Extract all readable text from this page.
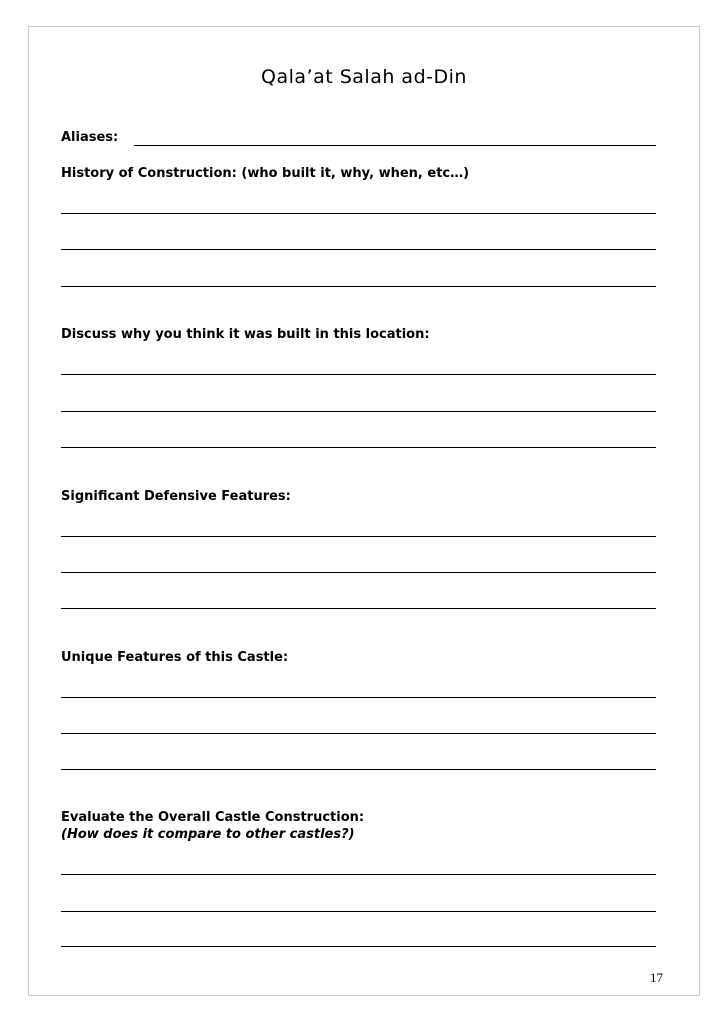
Qala’at Salah ad-Din
Aliases:
History of Construction: (who built it, why, when, etc…)
Discuss why you think it was built in this location:
Significant Defensive Features:
Unique Features of this Castle:
Evaluate the Overall Castle Construction:
(How does it compare to other castles?)
17
